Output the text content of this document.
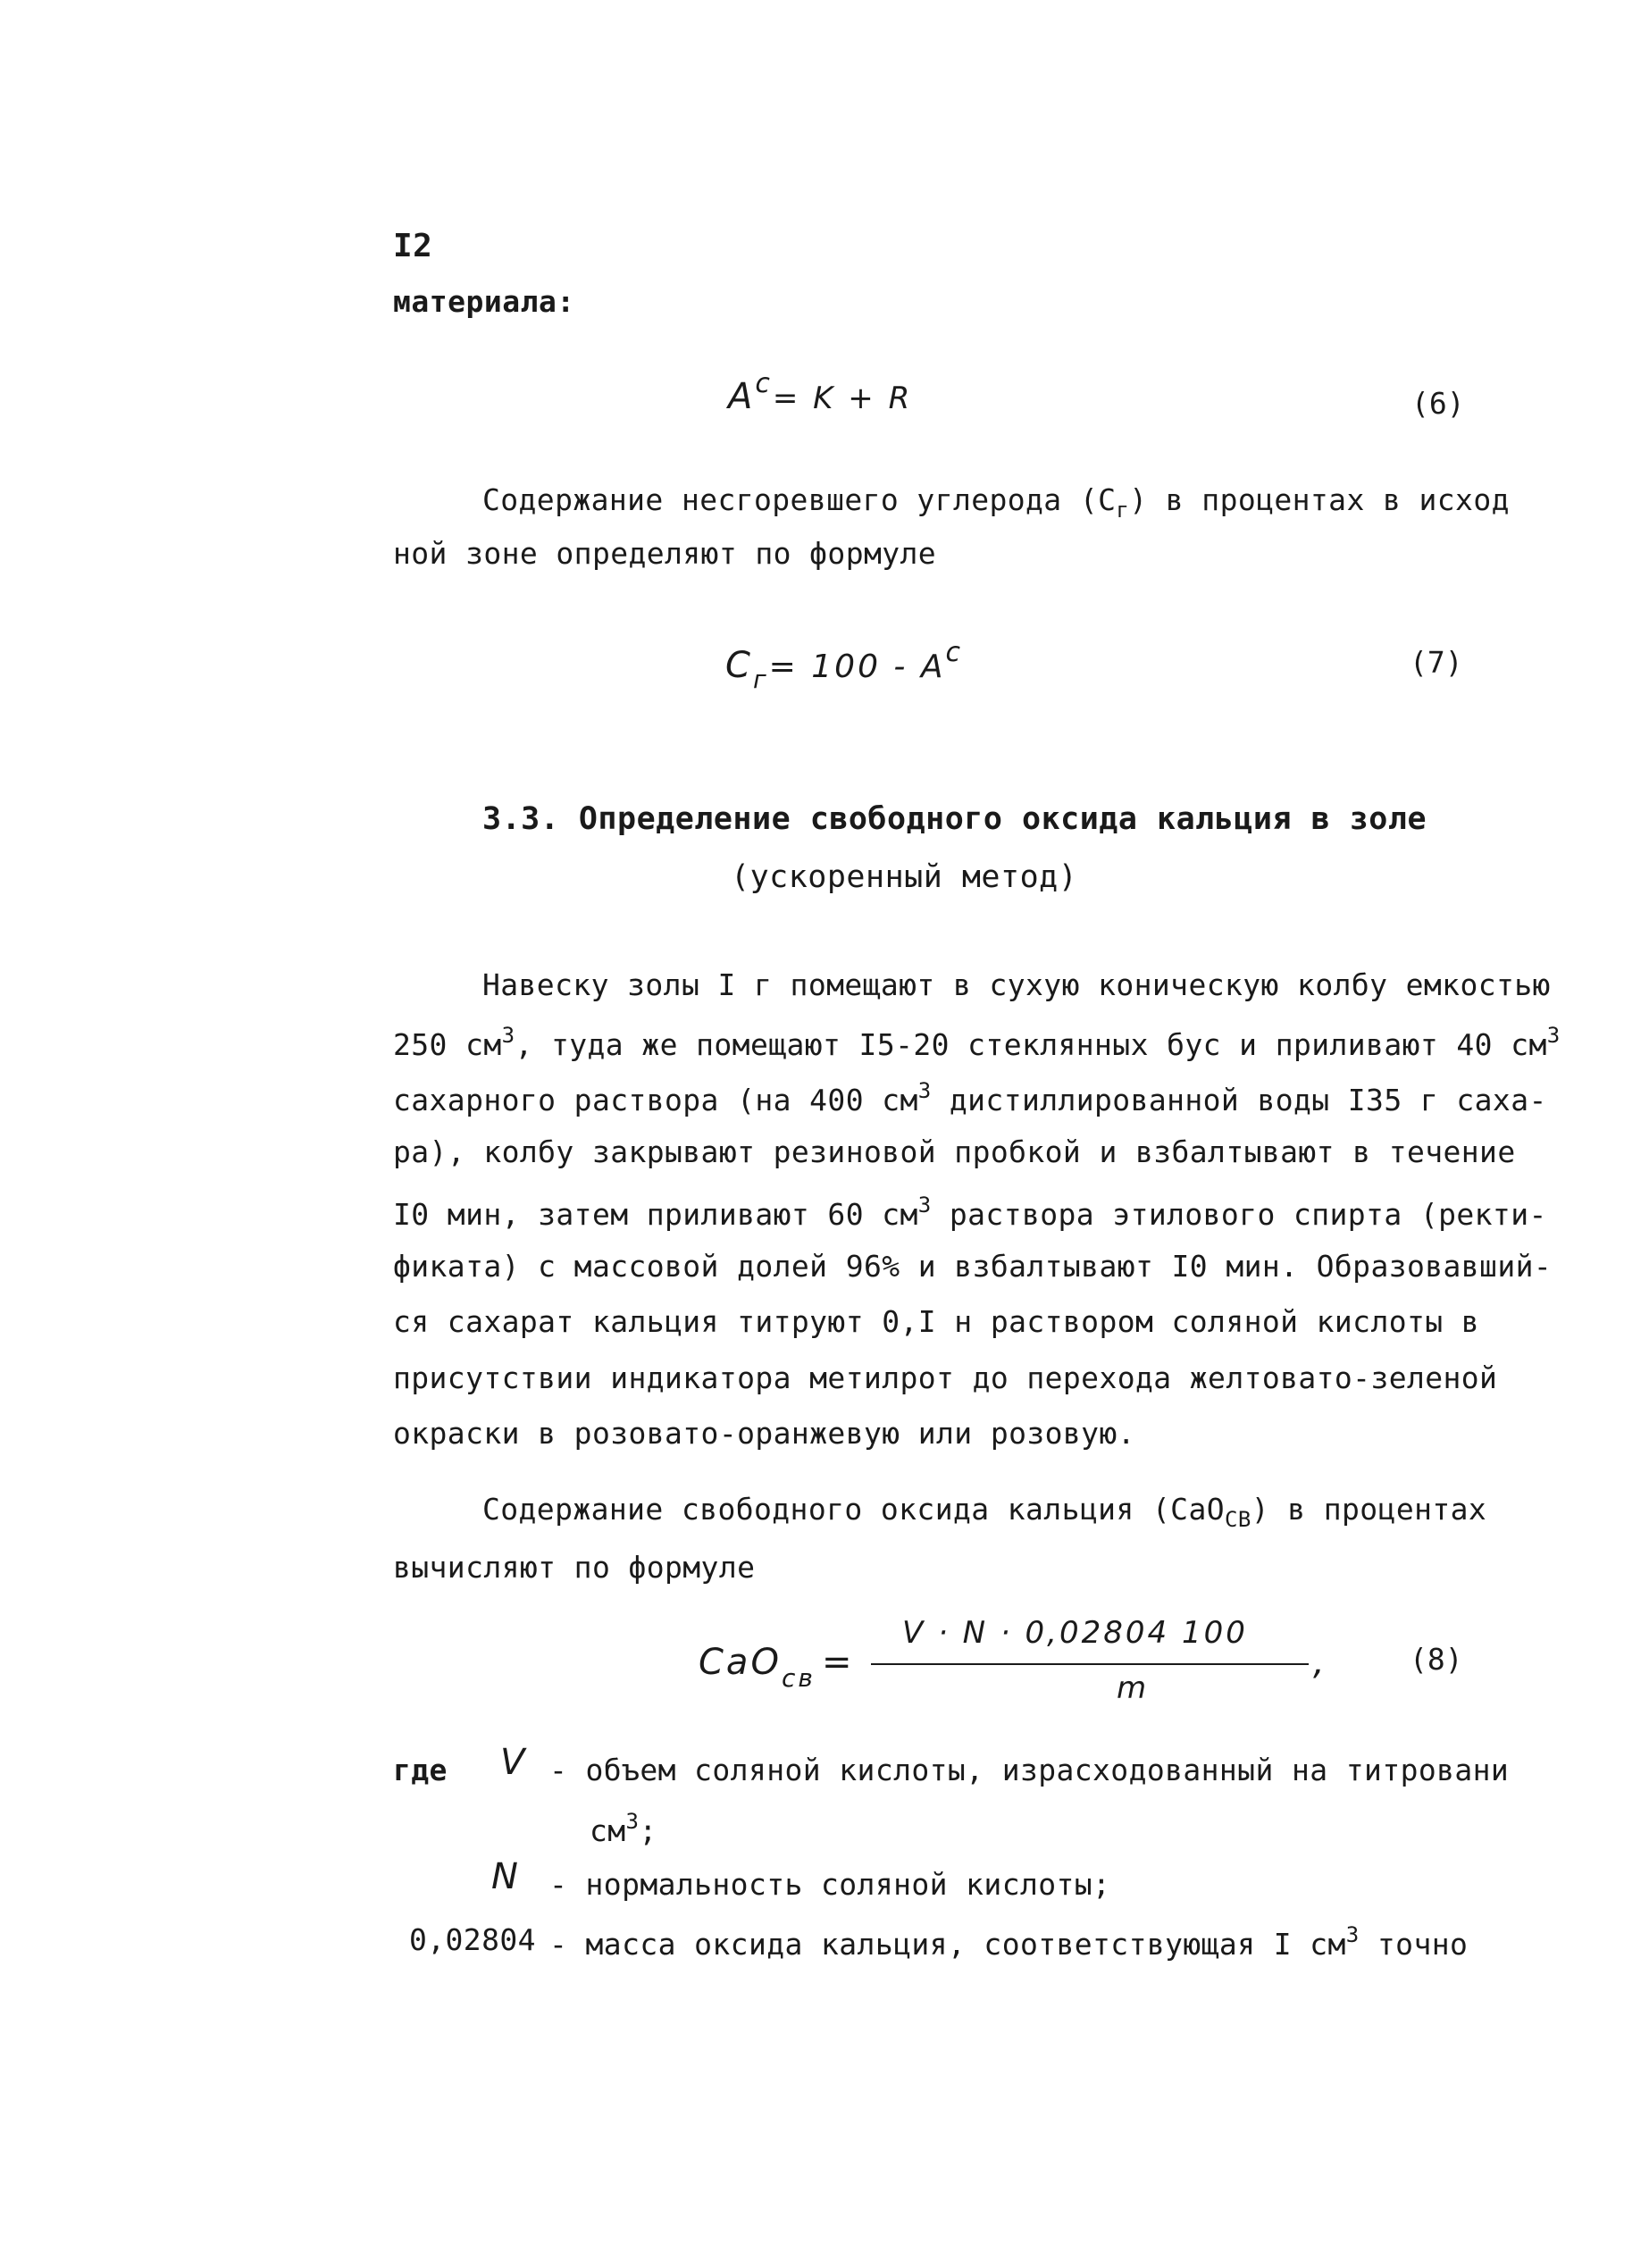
I2
материала:
$A^c= K + R$	(6)
Содержание несгоревшего углерода $(С_г)$ в процентах в исход
ной зоне определяют по формуле
$C_г= 100 - A^c$	(7)
3.3. Определение свободного оксида кальция в золе
(ускоренный метод)
Навеску золы I г помещают в сухую коническую колбу емкостью
250 $см^3$, туда же помещают I5-20 стеклянных бус и приливают 40 $см^3$
сахарного раствора (на 400 $см^3$ дистиллированной воды I35 г саха-
ра), колбу закрывают резиновой пробкой и взбалтывают в течение
I0 мин, затем приливают 60 $см^3$ раствора этилового спирта (ректи-
фиката) с массовой долей 96% и взбалтывают I0 мин. Образовавший-
ся сахарат кальция титруют 0,I н раствором соляной кислоты в
присутствии индикатора метилрот до перехода желтовато-зеленой
окраски в розовато-оранжевую или розовую.
Содержание свободного оксида кальция (СаО$_{СВ}$) в процентах
вычисляют по формуле
CaO$_{св}$ =
V · N · 0,02804 100
m
,	(8)
где V - объем соляной кислоты, израсходованный на титровани
$см^3$;
N - нормальность соляной кислоты;
0,02804 - масса оксида кальция, соответствующая I $см^3$ точно
